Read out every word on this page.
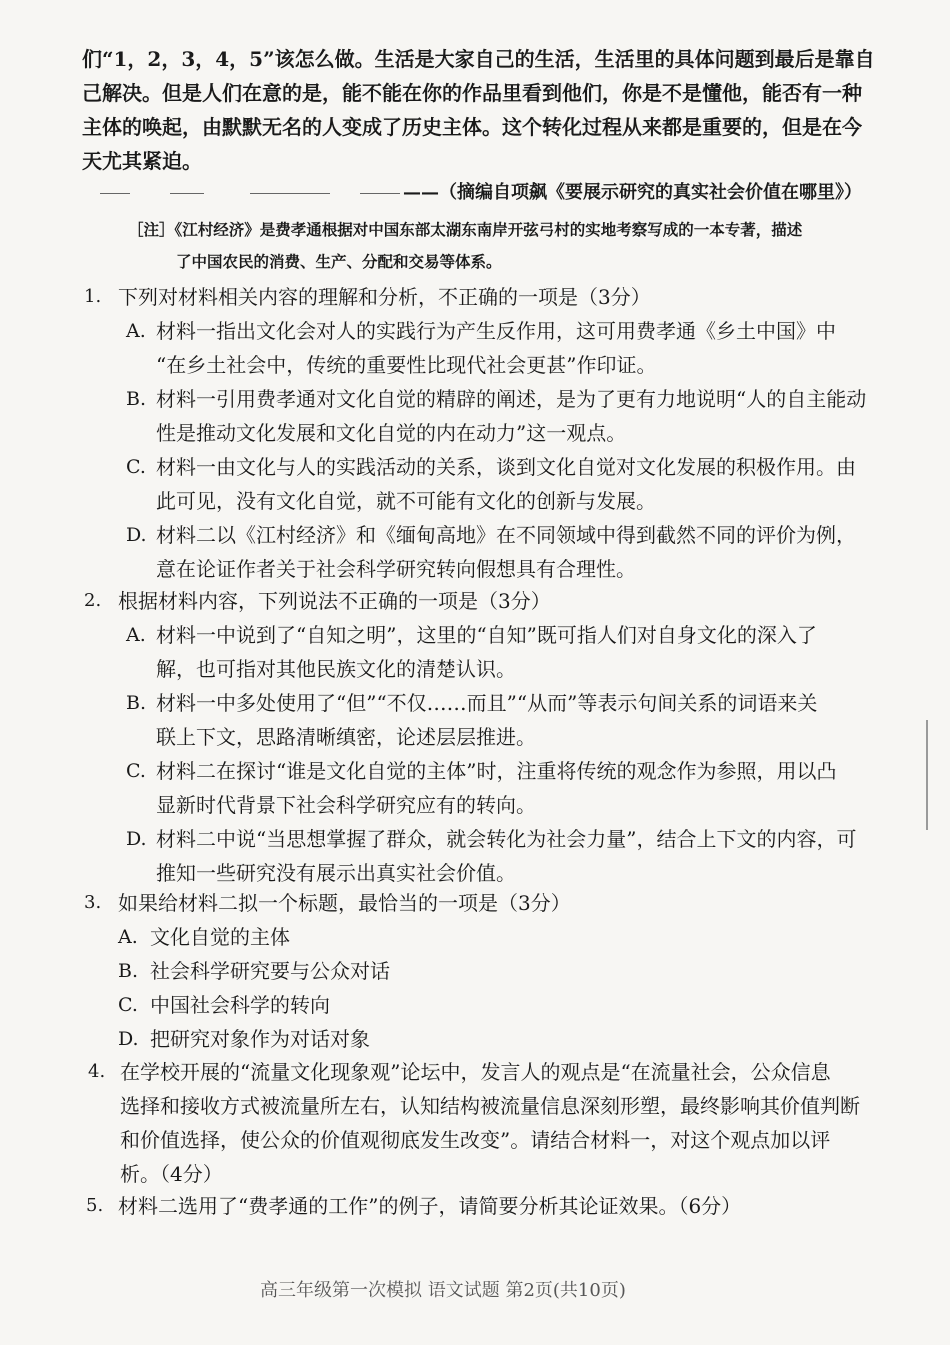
们“1，2，3，4，5”该怎么做。生活是大家自己的生活，生活里的具体问题到最后是靠自
己解决。但是人们在意的是，能不能在你的作品里看到他们，你是不是懂他，能否有一种
主体的唤起，由默默无名的人变成了历史主体。这个转化过程从来都是重要的，但是在今
天尤其紧迫。
——（摘编自项飙《要展示研究的真实社会价值在哪里》）
［注］《江村经济》是费孝通根据对中国东部太湖东南岸开弦弓村的实地考察写成的一本专著，描述
了中国农民的消费、生产、分配和交易等体系。
1. 下列对材料相关内容的理解和分析，不正确的一项是（3分）
A. 材料一指出文化会对人的实践行为产生反作用，这可用费孝通《乡土中国》中
“在乡土社会中，传统的重要性比现代社会更甚”作印证。
B. 材料一引用费孝通对文化自觉的精辟的阐述，是为了更有力地说明“人的自主能动
性是推动文化发展和文化自觉的内在动力”这一观点。
C. 材料一由文化与人的实践活动的关系，谈到文化自觉对文化发展的积极作用。由
此可见，没有文化自觉，就不可能有文化的创新与发展。
D. 材料二以《江村经济》和《缅甸高地》在不同领域中得到截然不同的评价为例，
意在论证作者关于社会科学研究转向假想具有合理性。
2. 根据材料内容，下列说法不正确的一项是（3分）
A. 材料一中说到了“自知之明”，这里的“自知”既可指人们对自身文化的深入了
解，也可指对其他民族文化的清楚认识。
B. 材料一中多处使用了“但”“不仅……而且”“从而”等表示句间关系的词语来关
联上下文，思路清晰缜密，论述层层推进。
C. 材料二在探讨“谁是文化自觉的主体”时，注重将传统的观念作为参照，用以凸
显新时代背景下社会科学研究应有的转向。
D. 材料二中说“当思想掌握了群众，就会转化为社会力量”，结合上下文的内容，可
推知一些研究没有展示出真实社会价值。
3. 如果给材料二拟一个标题，最恰当的一项是（3分）
A. 文化自觉的主体
B. 社会科学研究要与公众对话
C. 中国社会科学的转向
D. 把研究对象作为对话对象
4. 在学校开展的“流量文化现象观”论坛中，发言人的观点是“在流量社会，公众信息
选择和接收方式被流量所左右，认知结构被流量信息深刻形塑，最终影响其价值判断
和价值选择，使公众的价值观彻底发生改变”。请结合材料一，对这个观点加以评
析。（4分）
5. 材料二选用了“费孝通的工作”的例子，请简要分析其论证效果。（6分）
高三年级第一次模拟 语文试题 第2页(共10页)
